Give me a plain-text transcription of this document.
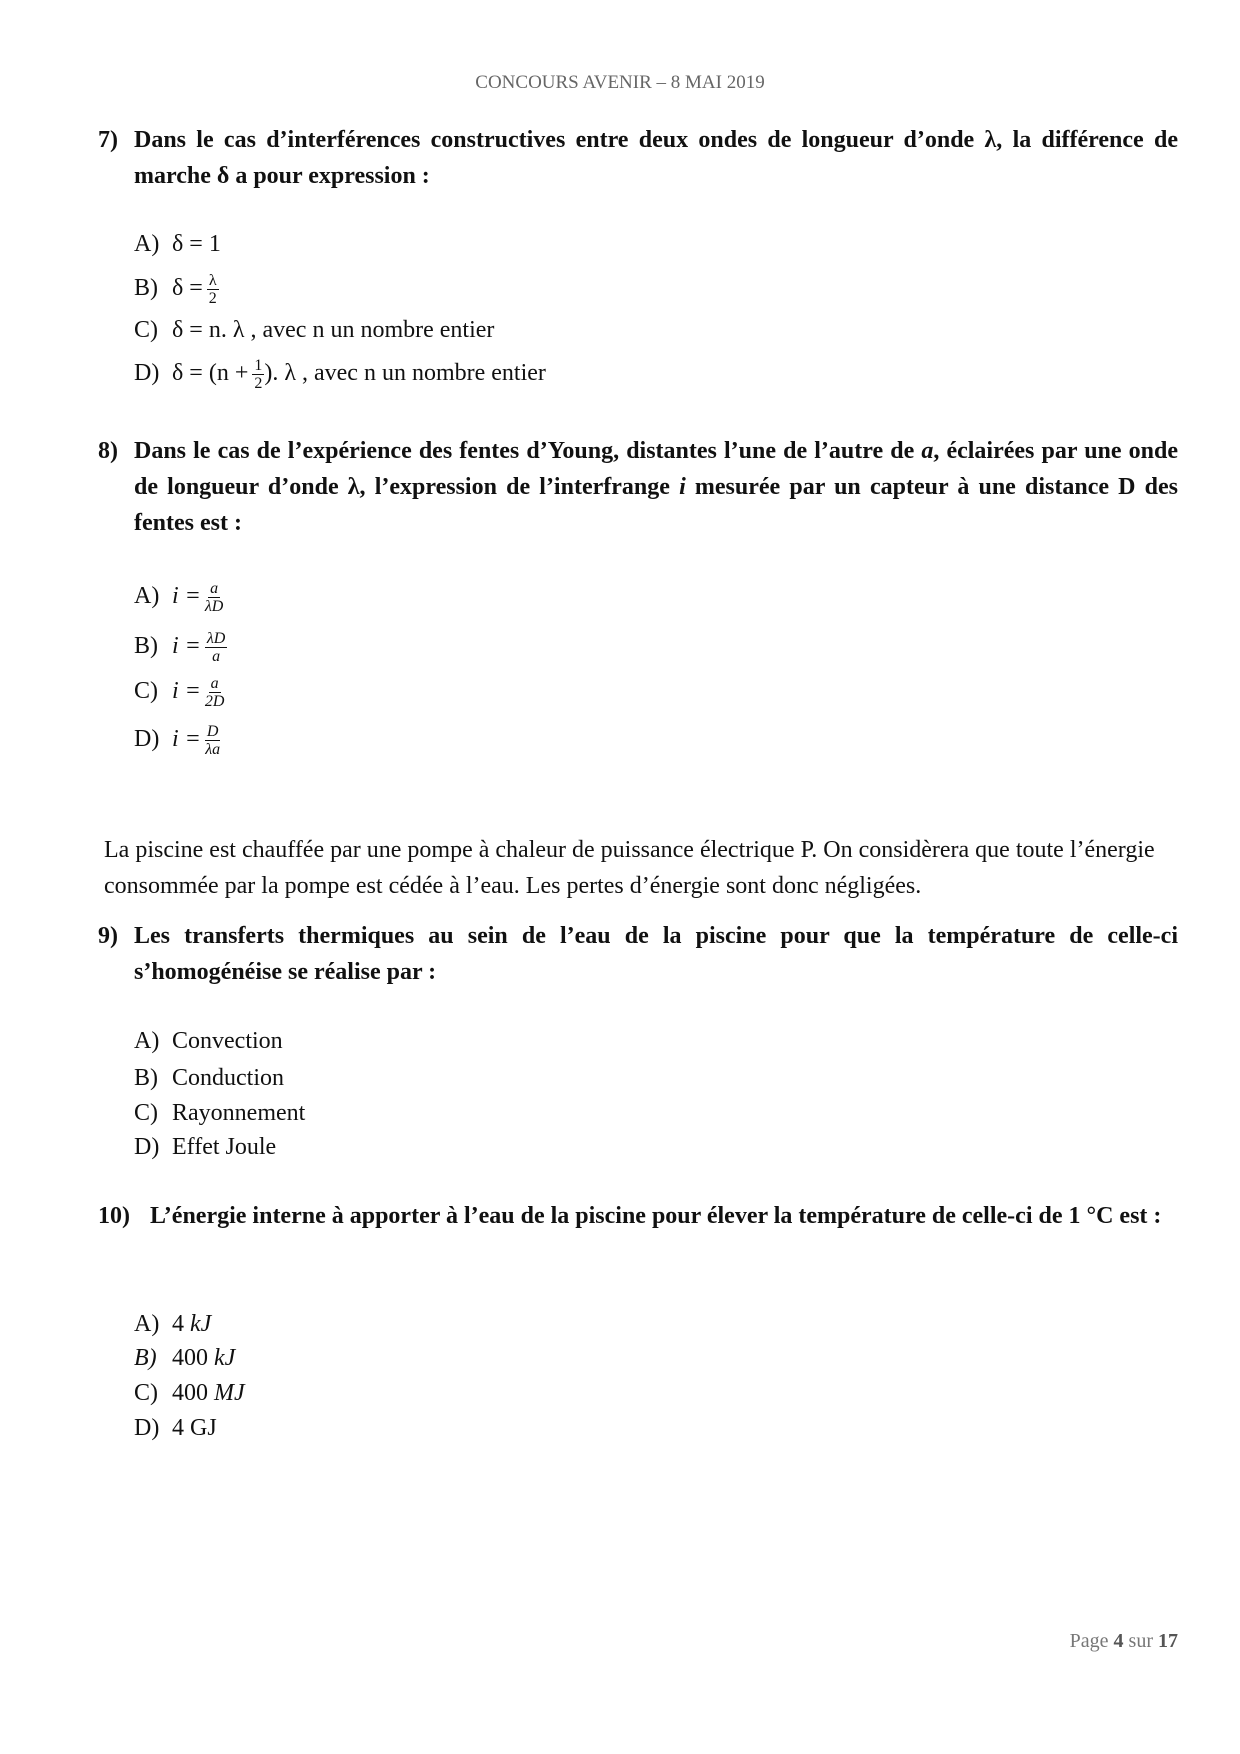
CONCOURS AVENIR – 8 MAI 2019
7) Dans le cas d’interférences constructives entre deux ondes de longueur d’onde λ, la différence de marche δ a pour expression :
A) δ = 1
B) $\delta = \frac{\lambda}{2}$
C) δ = n. λ , avec n un nombre entier
D) $\delta = (n + \frac{1}{2}$ ). λ , avec n un nombre entier
8) Dans le cas de l’expérience des fentes d’Young, distantes l’une de l’autre de a, éclairées par une onde de longueur d’onde λ, l’expression de l’interfrange i mesurée par un capteur à une distance D des fentes est :
A) $i = \frac{a}{\lambda D}$
B) $i = \frac{\lambda D}{a}$
C) $i = \frac{a}{2D}$
D) $i = \frac{D}{\lambda a}$
La piscine est chauffée par une pompe à chaleur de puissance électrique P. On considèrera que toute l’énergie consommée par la pompe est cédée à l’eau. Les pertes d’énergie sont donc négligées.
9) Les transferts thermiques au sein de l’eau de la piscine pour que la température de celle-ci s’homogénéise se réalise par :
A) Convection
B) Conduction
C) Rayonnement
D) Effet Joule
10) L’énergie interne à apporter à l’eau de la piscine pour élever la température de celle-ci de 1 °C est :
A) 4 kJ
B) 400 kJ
C) 400 MJ
D) 4 GJ
Page 4 sur 17
